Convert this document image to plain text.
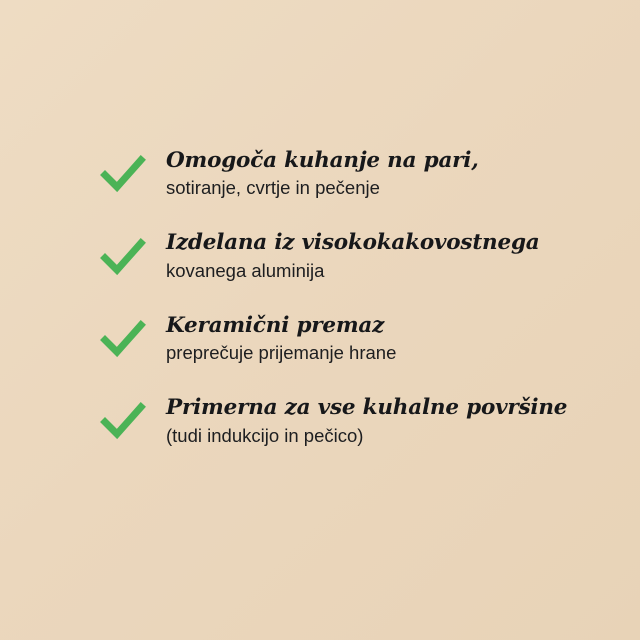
Omogoča kuhanje na pari,
sotiranje, cvrtje in pečenje
Izdelana iz visokokakovostnega
kovanega aluminija
Keramični premaz
preprečuje prijemanje hrane
Primerna za vse kuhalne površine
(tudi indukcijo in pečico)
